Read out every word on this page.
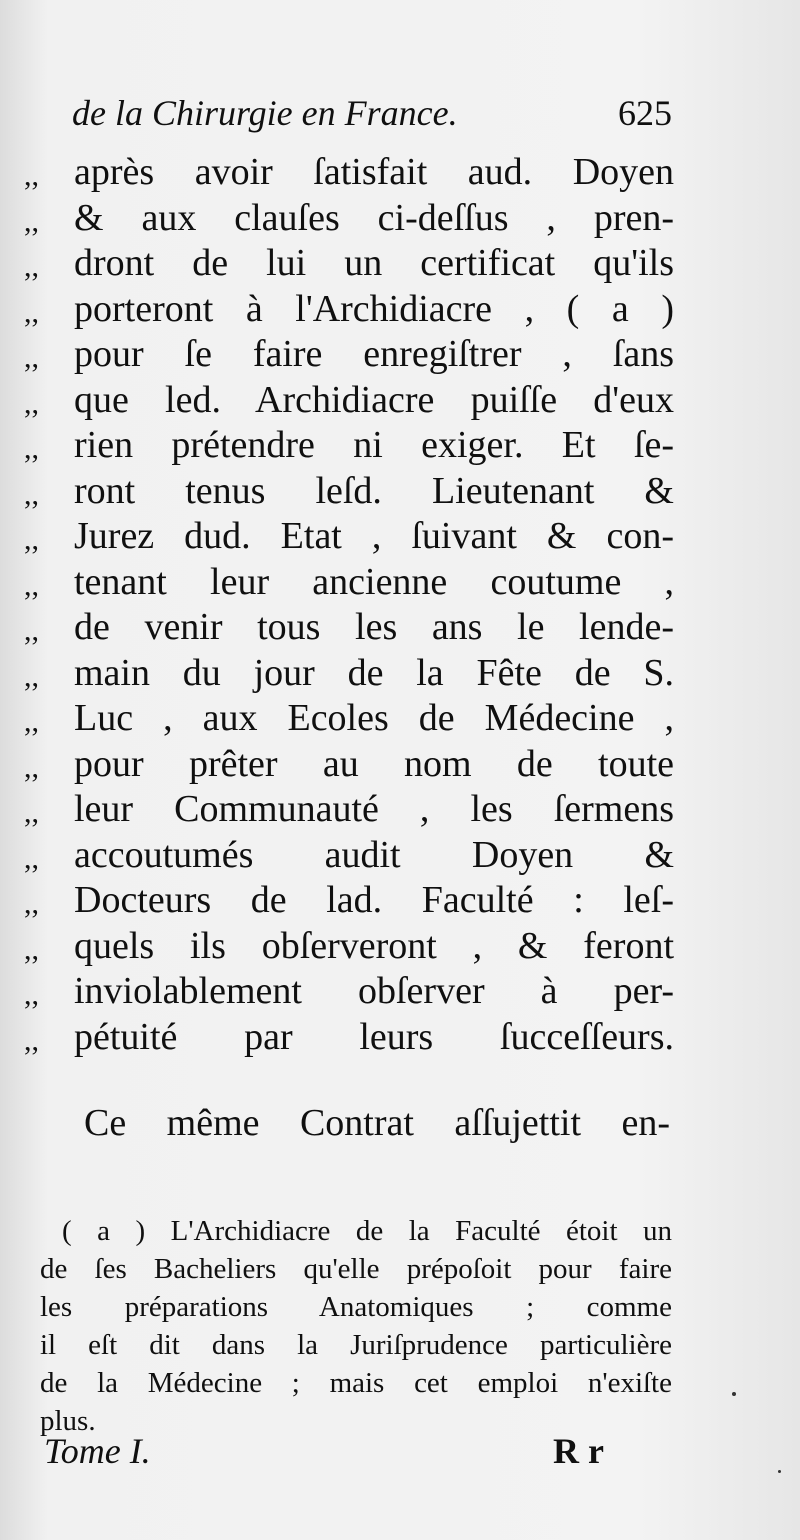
de la Chirurgie en France.	625
,, après avoir ſatisfait aud. Doyen
,, & aux clauſes ci-deſſus , pren-
,, dront de lui un certificat qu'ils
,, porteront à l'Archidiacre , ( a )
,, pour ſe faire enregiſtrer , ſans
,, que led. Archidiacre puiſſe d'eux
,, rien prétendre ni exiger. Et ſe-
,, ront tenus leſd. Lieutenant &
,, Jurez dud. Etat , ſuivant & con-
,, tenant leur ancienne coutume ,
,, de venir tous les ans le lende-
,, main du jour de la Fête de S.
,, Luc , aux Ecoles de Médecine ,
,, pour prêter au nom de toute
,, leur Communauté , les ſermens
,, accoutumés audit Doyen &
,, Docteurs de lad. Faculté : leſ-
,, quels ils obſerveront , & feront
,, inviolablement obſerver à per-
,, pétuité par leurs ſucceſſeurs.
Ce même Contrat aſſujettit en-
( a ) L'Archidiacre de la Faculté étoit un
de ſes Bacheliers qu'elle prépoſoit pour faire
les préparations Anatomiques ; comme
il eſt dit dans la Juriſprudence particulière
de la Médecine ; mais cet emploi n'exiſte
plus.
Tome I.	R r
